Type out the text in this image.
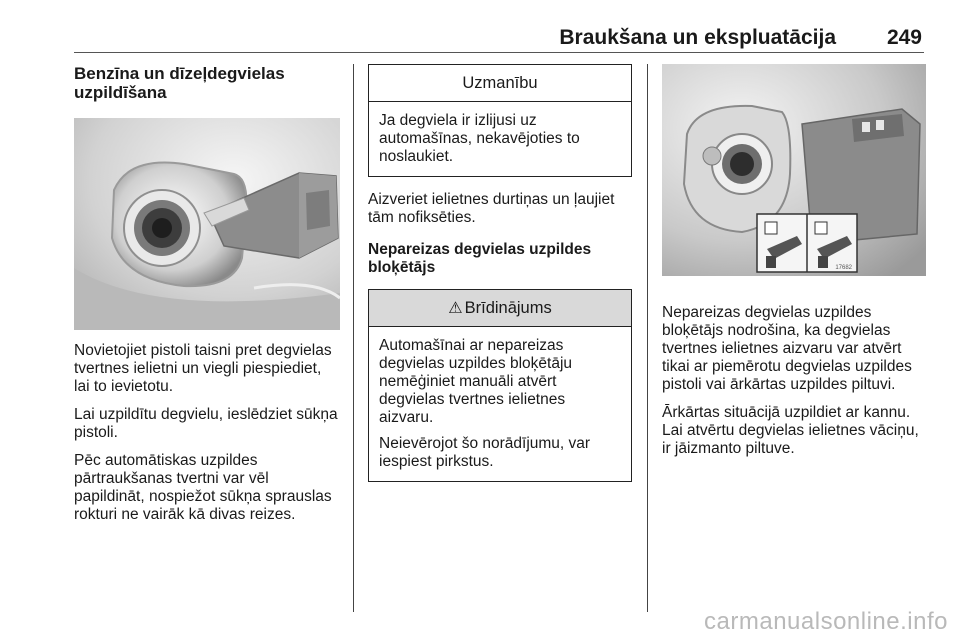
Braukšana un ekspluatācija 249
Benzīna un dīzeļdegvielas uzpildīšana

Novietojiet pistoli taisni pret degvielas tvertnes ielietni un viegli piespiediet, lai to ievietotu.

Lai uzpildītu degvielu, ieslēdziet sūkņa pistoli.

Pēc automātiskas uzpildes pārtraukšanas tvertni var vēl papildināt, nospiežot sūkņa sprauslas rokturi ne vairāk kā divas reizes.

Uzmanību

Ja degviela ir izlijusi uz automašīnas, nekavējoties to noslaukiet.

Aizveriet ielietnes durtiņas un ļaujiet tām nofiksēties.

Nepareizas degvielas uzpildes bloķētājs
⚠ Brīdinājums

Automašīnai ar nepareizas degvielas uzpildes bloķētāju nemēģiniet manuāli atvērt degvielas tvertnes ielietnes aizvaru.

Neievērojot šo norādījumu, var iespiest pirkstus.

17682

Nepareizas degvielas uzpildes bloķētājs nodrošina, ka degvielas tvertnes ielietnes aizvaru var atvērt tikai ar piemērotu degvielas uzpildes pistoli vai ārkārtas uzpildes piltuvi.

Ārkārtas situācijā uzpildiet ar kannu. Lai atvērtu degvielas ielietnes vāciņu, ir jāizmanto piltuve.

carmanualsonline.info
